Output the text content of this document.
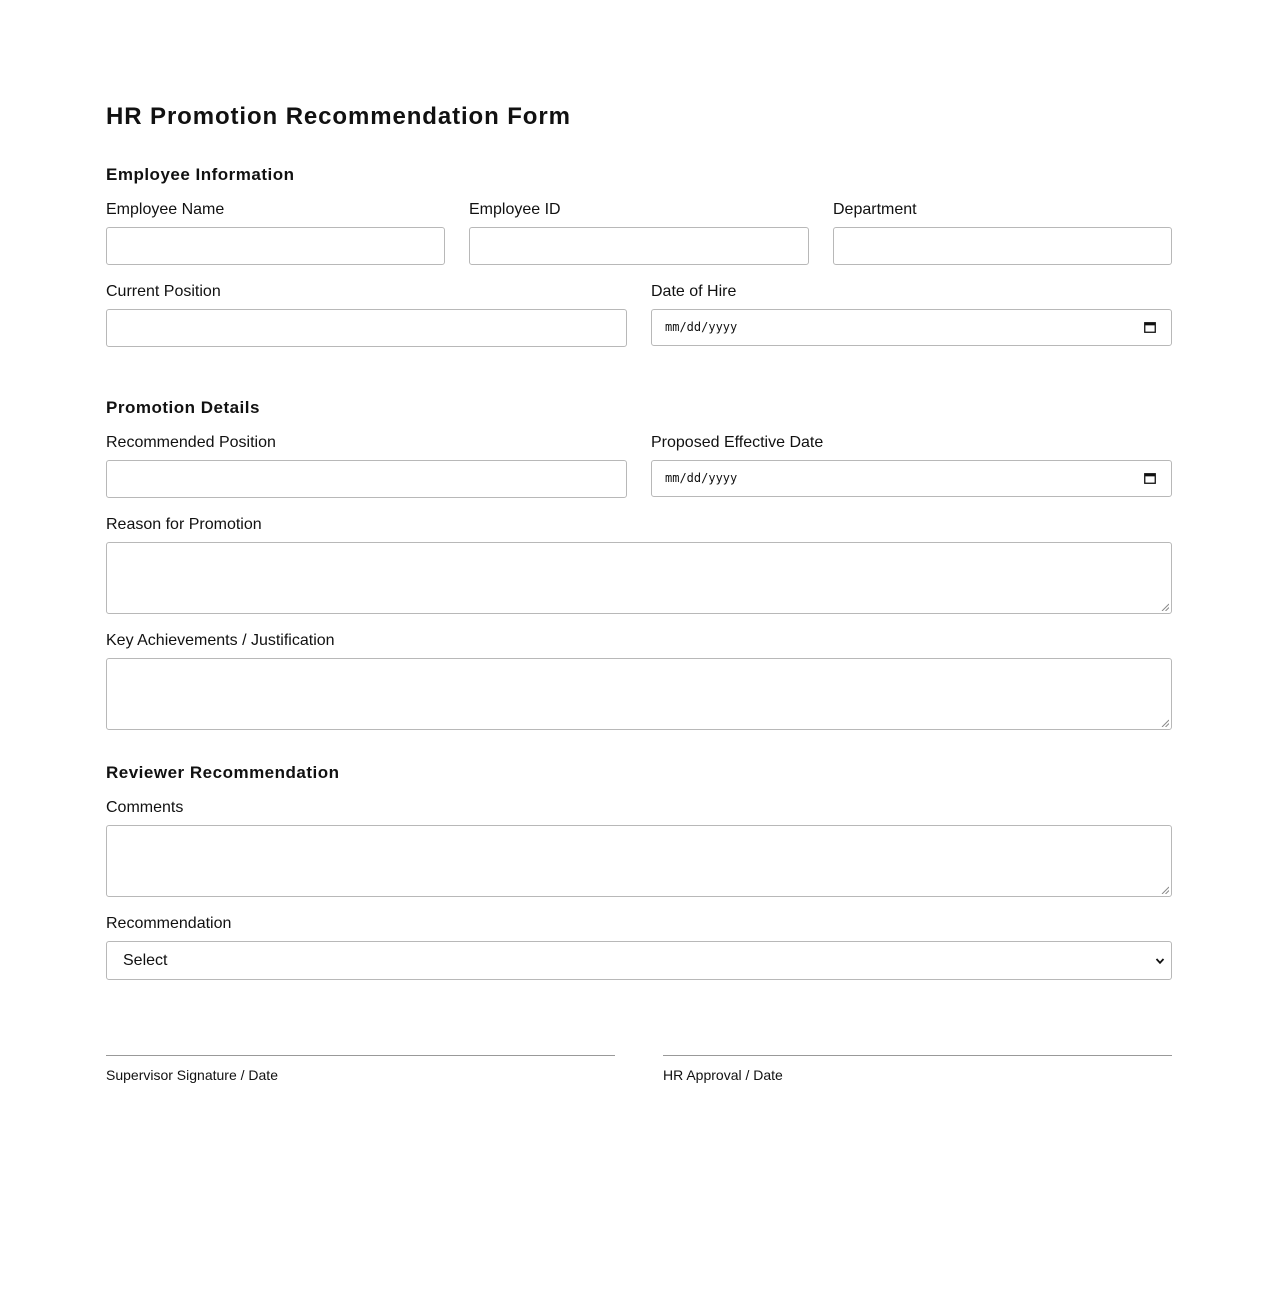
HR Promotion Recommendation Form
Employee Information
Employee Name	Employee ID	Department
Current Position	Date of Hire
mm/dd/yyyy
Promotion Details
Recommended Position	Proposed Effective Date
mm/dd/yyyy
Reason for Promotion
Key Achievements / Justification
Reviewer Recommendation
Comments
Recommendation
Select
Supervisor Signature / Date	HR Approval / Date
